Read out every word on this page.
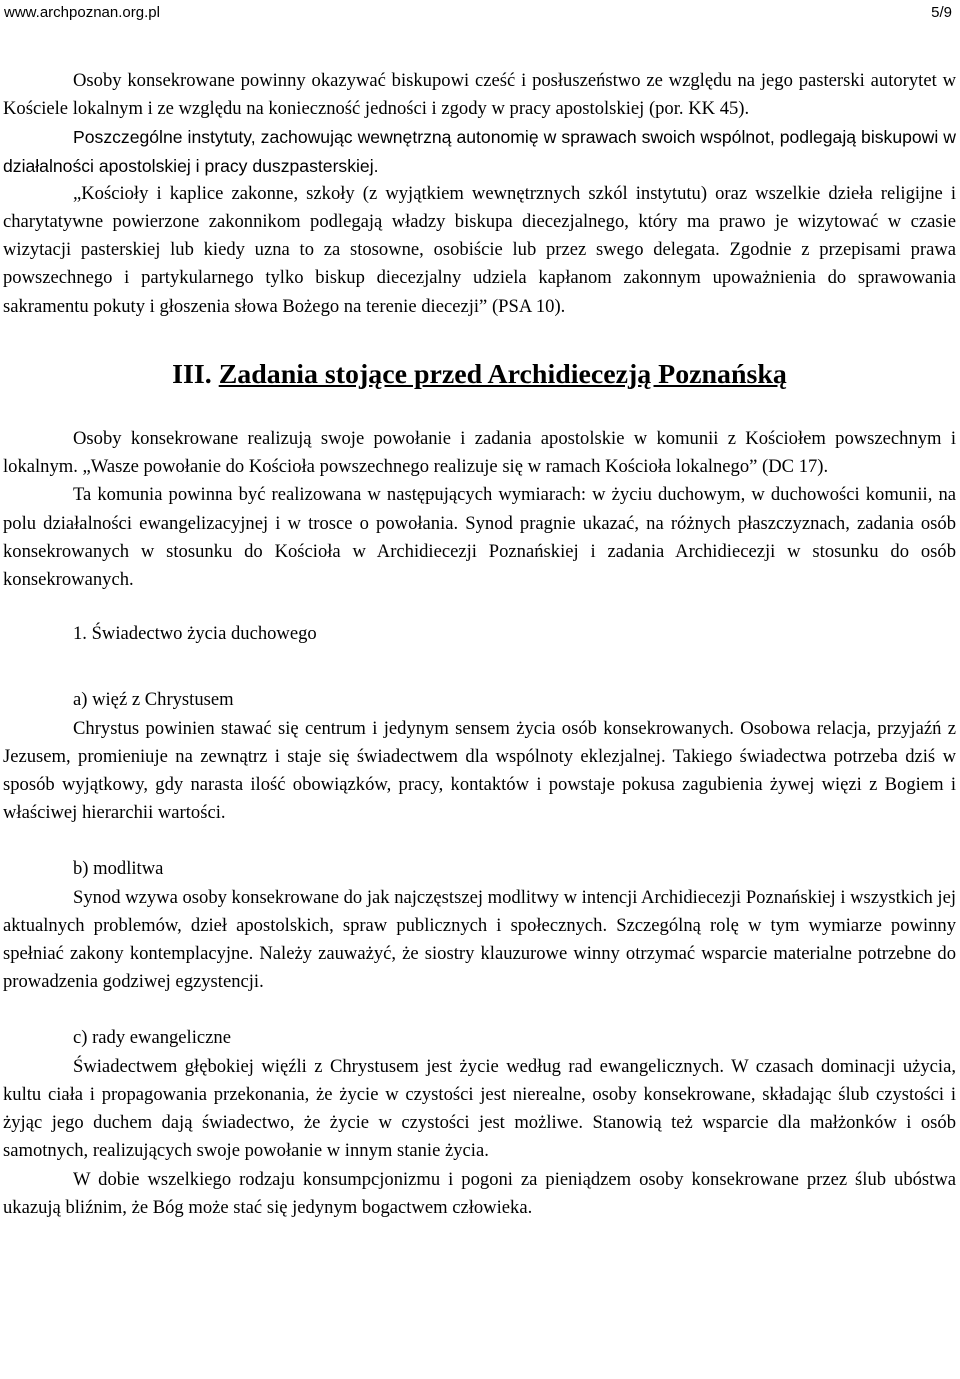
www.archpoznan.org.pl	5/9

Osoby konsekrowane powinny okazywać biskupowi cześć i posłuszeństwo ze względu na jego pasterski autorytet w Kościele lokalnym i ze względu na konieczność jedności i zgody w pracy apostolskiej (por. KK 45).

Poszczególne instytuty, zachowując wewnętrzną autonomię w sprawach swoich wspólnot, podlegają biskupowi w działalności apostolskiej i pracy duszpasterskiej.

„Kościoły i kaplice zakonne, szkoły (z wyjątkiem wewnętrznych szkól instytutu) oraz wszelkie dzieła religijne i charytatywne powierzone zakonnikom podlegają władzy biskupa diecezjalnego, który ma prawo je wizytować w czasie wizytacji pasterskiej lub kiedy uzna to za stosowne, osobiście lub przez swego delegata. Zgodnie z przepisami prawa powszechnego i partykularnego tylko biskup diecezjalny udziela kapłanom zakonnym upoważnienia do sprawowania sakramentu pokuty i głoszenia słowa Bożego na terenie diecezji” (PSA 10).

III. Zadania stojące przed Archidiecezją Poznańską

Osoby konsekrowane realizują swoje powołanie i zadania apostolskie w komunii z Kościołem powszechnym i lokalnym. „Wasze powołanie do Kościoła powszechnego realizuje się w ramach Kościoła lokalnego” (DC 17).

Ta komunia powinna być realizowana w następujących wymiarach: w życiu duchowym, w duchowości komunii, na polu działalności ewangelizacyjnej i w trosce o powołania. Synod pragnie ukazać, na różnych płaszczyznach, zadania osób konsekrowanych w stosunku do Kościoła w Archidiecezji Poznańskiej i zadania Archidiecezji w stosunku do osób konsekrowanych.

1. Świadectwo życia duchowego

a) więź z Chrystusem

Chrystus powinien stawać się centrum i jedynym sensem życia osób konsekrowanych. Osobowa relacja, przyjaźń z Jezusem, promieniuje na zewnątrz i staje się świadectwem dla wspólnoty eklezjalnej. Takiego świadectwa potrzeba dziś w sposób wyjątkowy, gdy narasta ilość obowiązków, pracy, kontaktów i powstaje pokusa zagubienia żywej więzi z Bogiem i właściwej hierarchii wartości.

b) modlitwa

Synod wzywa osoby konsekrowane do jak najczęstszej modlitwy w intencji Archidiecezji Poznańskiej i wszystkich jej aktualnych problemów, dzieł apostolskich, spraw publicznych i społecznych. Szczególną rolę w tym wymiarze powinny spełniać zakony kontemplacyjne. Należy zauważyć, że siostry klauzurowe winny otrzymać wsparcie materialne potrzebne do prowadzenia godziwej egzystencji.

c) rady ewangeliczne

Świadectwem głębokiej więźli z Chrystusem jest życie według rad ewangelicznych. W czasach dominacji użycia, kultu ciała i propagowania przekonania, że życie w czystości jest nierealne, osoby konsekrowane, składając ślub czystości i żyjąc jego duchem dają świadectwo, że życie w czystości jest możliwe. Stanowią też wsparcie dla małżonków i osób samotnych, realizujących swoje powołanie w innym stanie życia.

W dobie wszelkiego rodzaju konsumpcjonizmu i pogoni za pieniądzem osoby konsekrowane przez ślub ubóstwa ukazują bliźnim, że Bóg może stać się jedynym bogactwem człowieka.
